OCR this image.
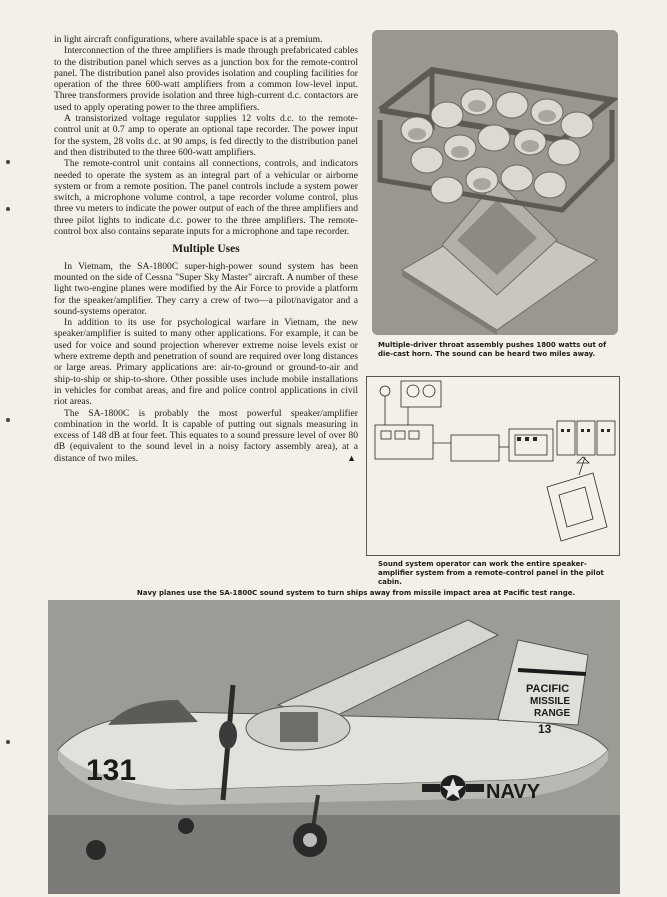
in light aircraft configurations, where available space is at a premium.

Interconnection of the three amplifiers is made through prefabricated cables to the distribution panel which serves as a junction box for the remote-control panel. The distribution panel also provides isolation and coupling facilities for operation of the three 600-watt amplifiers from a common low-level input. Three transformers provide isolation and three high-current d.c. contactors are used to apply operating power to the three amplifiers.

A transistorized voltage regulator supplies 12 volts d.c. to the remote-control unit at 0.7 amp to operate an optional tape recorder. The power input for the system, 28 volts d.c. at 90 amps, is fed directly to the distribution panel and then distributed to the three 600-watt amplifiers.

The remote-control unit contains all connections, controls, and indicators needed to operate the system as an integral part of a vehicular or airborne system or from a remote position. The panel controls include a system power switch, a microphone volume control, a tape recorder volume control, plus three vu meters to indicate the power output of each of the three amplifiers and three pilot lights to indicate d.c. power to the three amplifiers. The remote-control box also contains separate inputs for a microphone and tape recorder.

Multiple Uses

In Vietnam, the SA-1800C super-high-power sound system has been mounted on the side of Cessna "Super Sky Master" aircraft. A number of these light two-engine planes were modified by the Air Force to provide a platform for the speaker/amplifier. They carry a crew of two—a pilot/navigator and a sound-systems operator.

In addition to its use for psychological warfare in Vietnam, the new speaker/amplifier is suited to many other applications. For example, it can be used for voice and sound projection wherever extreme noise levels exist or where extreme depth and penetration of sound are required over long distances or large areas. Primary applications are: air-to-ground or ground-to-air and ship-to-ship or ship-to-shore. Other possible uses include mobile installations in vehicles for combat areas, and fire and police control applications in civil riot areas.

The SA-1800C is probably the most powerful speaker/amplifier combination in the world. It is capable of putting out signals measuring in excess of 148 dB at four feet. This equates to a sound pressure level of over 80 dB (equivalent to the sound level in a noisy factory assembly area), at a distance of two miles.	▲

Multiple-driver throat assembly pushes 1800 watts out of die-cast horn. The sound can be heard two miles away.
Sound system operator can work the entire speaker-amplifier system from a remote-control panel in the pilot cabin.
Navy planes use the SA-1800C sound system to turn ships away from missile impact area at Pacific test range.
131
PACIFIC
MISSILE
RANGE
13
NAVY
